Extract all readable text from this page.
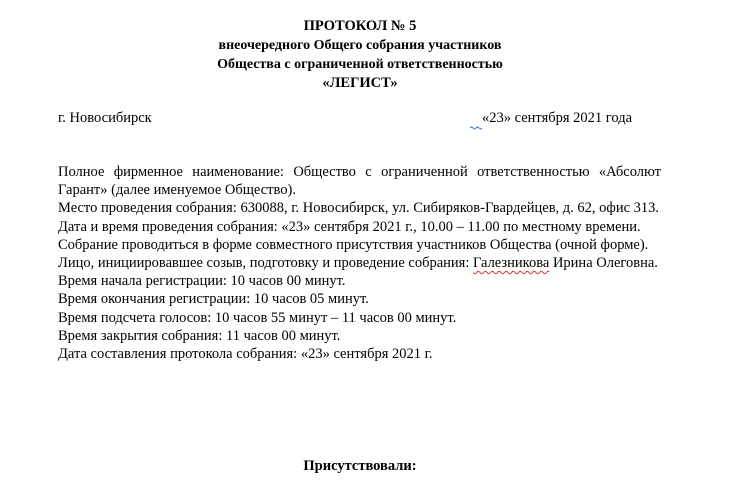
ПРОТОКОЛ № 5
внеочередного Общего собрания участников
Общества с ограниченной ответственностью
«ЛЕГИСТ»
г. Новосибирск	«23» сентября 2021 года

Полное фирменное наименование: Общество с ограниченной ответственностью «Абсолют Гарант» (далее именуемое Общество).

Место проведения собрания: 630088, г. Новосибирск, ул. Сибиряков-Гвардейцев, д. 62, офис 313.

Дата и время проведения собрания: «23» сентября 2021 г., 10.00 – 11.00 по местному времени.

Собрание проводиться в форме совместного присутствия участников Общества (очной форме).

Лицо, инициировавшее созыв, подготовку и проведение собрания: Галезникова Ирина Олеговна.

Время начала регистрации: 10 часов 00 минут.

Время окончания регистрации: 10 часов 05 минут.

Время подсчета голосов: 10 часов 55 минут – 11 часов 00 минут.

Время закрытия собрания: 11 часов 00 минут.

Дата составления протокола собрания: «23» сентября 2021 г.

Присутствовали:
